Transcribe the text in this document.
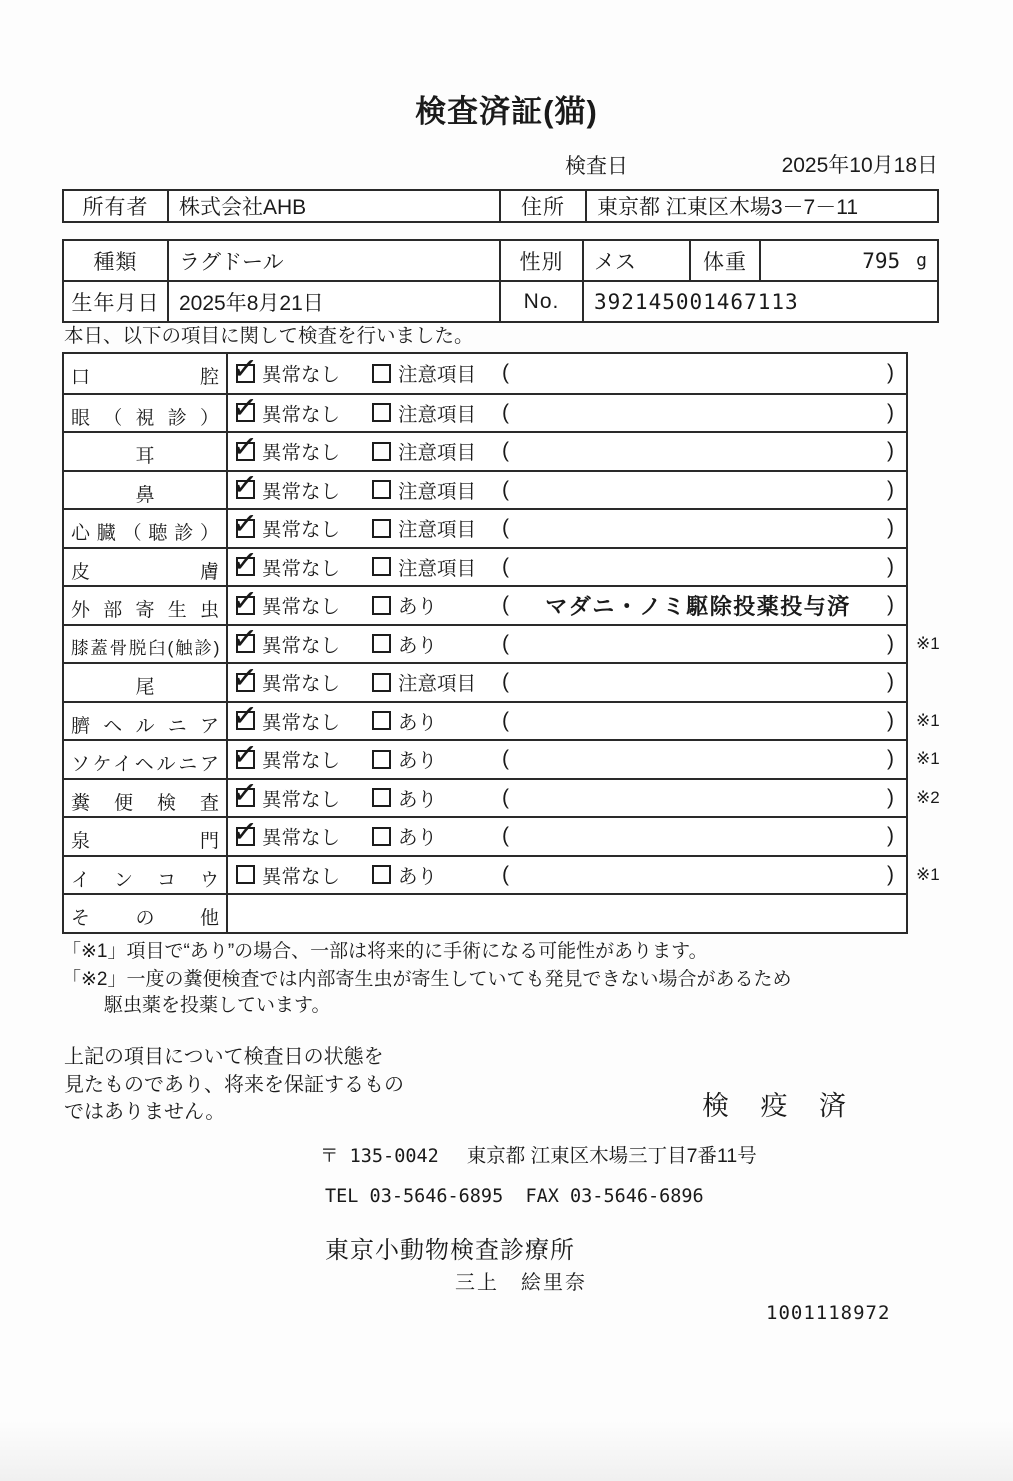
検査済証(猫)
検査日	2025年10月18日
所有者	株式会社AHB	住所	東京都 江東区木場3－7－11
種類	ラグドール	性別	メス	体重	795 g
生年月日 2025年8月21日	No.	392145001467113
本日、以下の項目に関して検査を行いました。
口腔 ✓ 異常なし	注意項目 (	)
眼（視診） ✓ 異常なし	注意項目 (	)
耳	✓ 異常なし	注意項目 (	)
鼻	✓ 異常なし	注意項目 (	)
心臓（聴診） ✓ 異常なし	注意項目 (	)
皮膚 ✓ 異常なし	注意項目 (	)
外部寄生虫 ✓ 異常なし	あり	(	マダニ・ノミ駆除投薬投与済	)
膝蓋骨脱臼(触診) ✓ 異常なし	あり	(	) ※1
尾	✓ 異常なし	注意項目 (	)
臍ヘルニア ✓ 異常なし	あり	(	) ※1
ソケイヘルニア ✓ 異常なし	あり	(	) ※1
糞便検査 ✓ 異常なし	あり	(	) ※2
泉門 ✓ 異常なし	あり	(	)
インコウ	異常なし	あり	(	) ※1
その他
「※1」項目で“あり”の場合、一部は将来的に手術になる可能性があります。
「※2」一度の糞便検査では内部寄生虫が寄生していても発見できない場合があるため
駆虫薬を投薬しています。
上記の項目について検査日の状態を
見たものであり、将来を保証するもの
ではありません。	検 疫 済
〒 135-0042 東京都 江東区木場三丁目7番11号
TEL 03-5646-6895  FAX 03-5646-6896
東京小動物検査診療所
三上　絵里奈
1001118972
